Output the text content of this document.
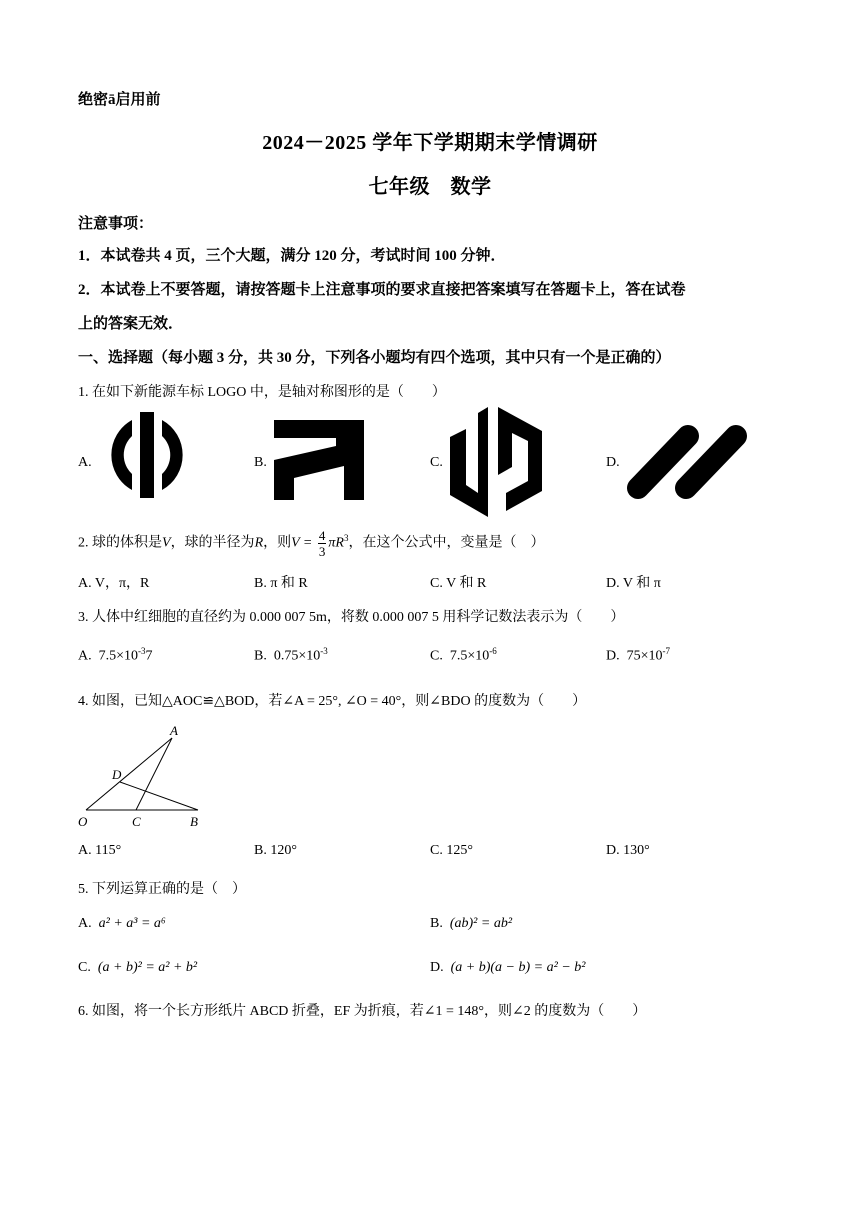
绝密ā启用前
2024－2025 学年下学期期末学情调研
七年级　数学
注意事项：
1．本试卷共 4 页，三个大题，满分 120 分，考试时间 100 分钟．
2．本试卷上不要答题，请按答题卡上注意事项的要求直接把答案填写在答题卡上，答在试卷
上的答案无效．
一、选择题（每小题 3 分，共 30 分，下列各小题均有四个选项，其中只有一个是正确的）
1. 在如下新能源车标 LOGO 中，是轴对称图形的是（　　）
A.	B.	C.	D.
2. 球的体积是V，球的半径为R，则$V = \frac{4}{3} \pi R^3$，在这个公式中，变量是（　）
A. V，π，R	B. π 和 R	C. V 和 R	D. V 和 π
3. 人体中红细胞的直径约为 0.000 007 5m，将数 0.000 007 5 用科学记数法表示为（　　）
A. $7.5\times 10^{-3}7$	B. $0.75\times 10^{-3}$	C. $7.5\times 10^{-6}$	D. $75\times 10^{-7}$
4. 如图，已知△AOC≌△BOD，若∠A = 25°, ∠O = 40°，则∠BDO 的度数为（　　）
A
D
O	C	B
A. 115°	B. 120°	C. 125°	D. 130°
5. 下列运算正确的是（　）
A. a² + a³ = a⁶	B. (ab)² = ab²
C. (a + b)² = a² + b²	D. (a + b)(a − b) = a² − b²
6. 如图，将一个长方形纸片 ABCD 折叠，EF 为折痕，若∠1 = 148°，则∠2 的度数为（　　）
